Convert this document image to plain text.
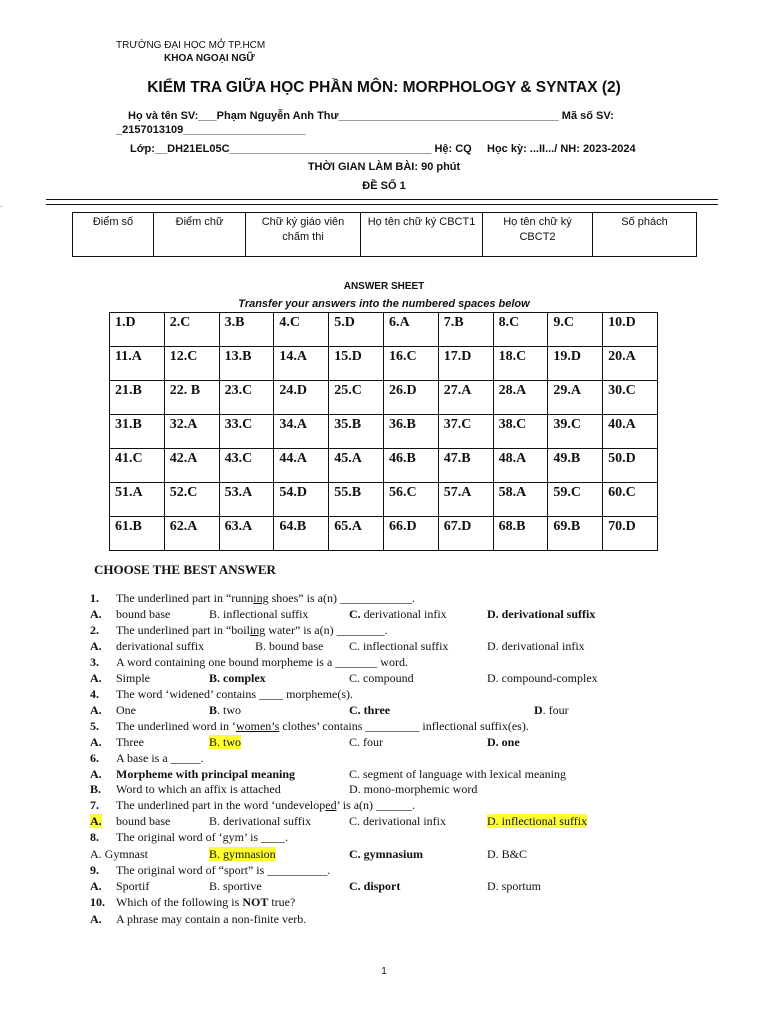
TRƯỜNG ĐẠI HỌC MỞ TP.HCM
KHOA NGOẠI NGỮ
KIỂM TRA GIỮA HỌC PHẦN MÔN: MORPHOLOGY & SYNTAX (2)
Họ và tên SV:___Phạm Nguyễn Anh Thư____________________________________ Mã số SV:
_2157013109____________________
Lớp:__DH21EL05C_________________________________ Hệ: CQ Học kỳ: ...II.../ NH: 2023-2024
THỜI GIAN LÀM BÀI: 90 phút
ĐỀ SỐ 1
.
Điểm số	Điểm chữ	Chữ ký giáo viên chấm thi	Họ tên chữ ký CBCT1	Họ tên chữ ký CBCT2	Số phách
ANSWER SHEET
Transfer your answers into the numbered spaces below
1.D	2.C	3.B	4.C	5.D	6.A	7.B	8.C	9.C	10.D
11.A	12.C	13.B	14.A	15.D	16.C	17.D	18.C	19.D	20.A
21.B	22. B	23.C	24.D	25.C	26.D	27.A	28.A	29.A	30.C
31.B	32.A	33.C	34.A	35.B	36.B	37.C	38.C	39.C	40.A
41.C	42.A	43.C	44.A	45.A	46.B	47.B	48.A	49.B	50.D
51.A	52.C	53.A	54.D	55.B	56.C	57.A	58.A	59.C	60.C
61.B	62.A	63.A	64.B	65.A	66.D	67.D	68.B	69.B	70.D
CHOOSE THE BEST ANSWER
The underlined part in “running shoes” is a(n) ____________.
A. bound base	B. inflectional suffix	C. derivational infix	D. derivational suffix
The underlined part in “boiling water” is a(n) ________.
A. derivational suffix	B. bound base C. inflectional suffix	D. derivational infix
A word containing one bound morpheme is a _______ word.
A. Simple	B. complex	C. compound	D. compound-complex
The word ‘widened’ contains ____ morpheme(s).
A. One	B. two	C. three	D. four
The underlined word in ‘women’s clothes’ contains _________ inflectional suffix(es).
A. Three	B. two	C. four	D. one
A base is a _____.
A. Morpheme with principal meaning	C. segment of language with lexical meaning
B. Word to which an affix is attached	D. mono-morphemic word
The underlined part in the word ‘undeveloped’ is a(n) ______.
A. bound base	B. derivational suffix	C. derivational infix	D. inflectional suffix
The original word of ‘gym’ is ____.
A. Gymnast	B. gymnasion	C. gymnasium	D. B&C
The original word of “sport” is __________.
A. Sportif	B. sportive	C. disport	D. sportum
Which of the following is NOT true?
A. A phrase may contain a non-finite verb.
1.
2.
3.
4.
5.
6.
7.
8.
9.
10.
1
